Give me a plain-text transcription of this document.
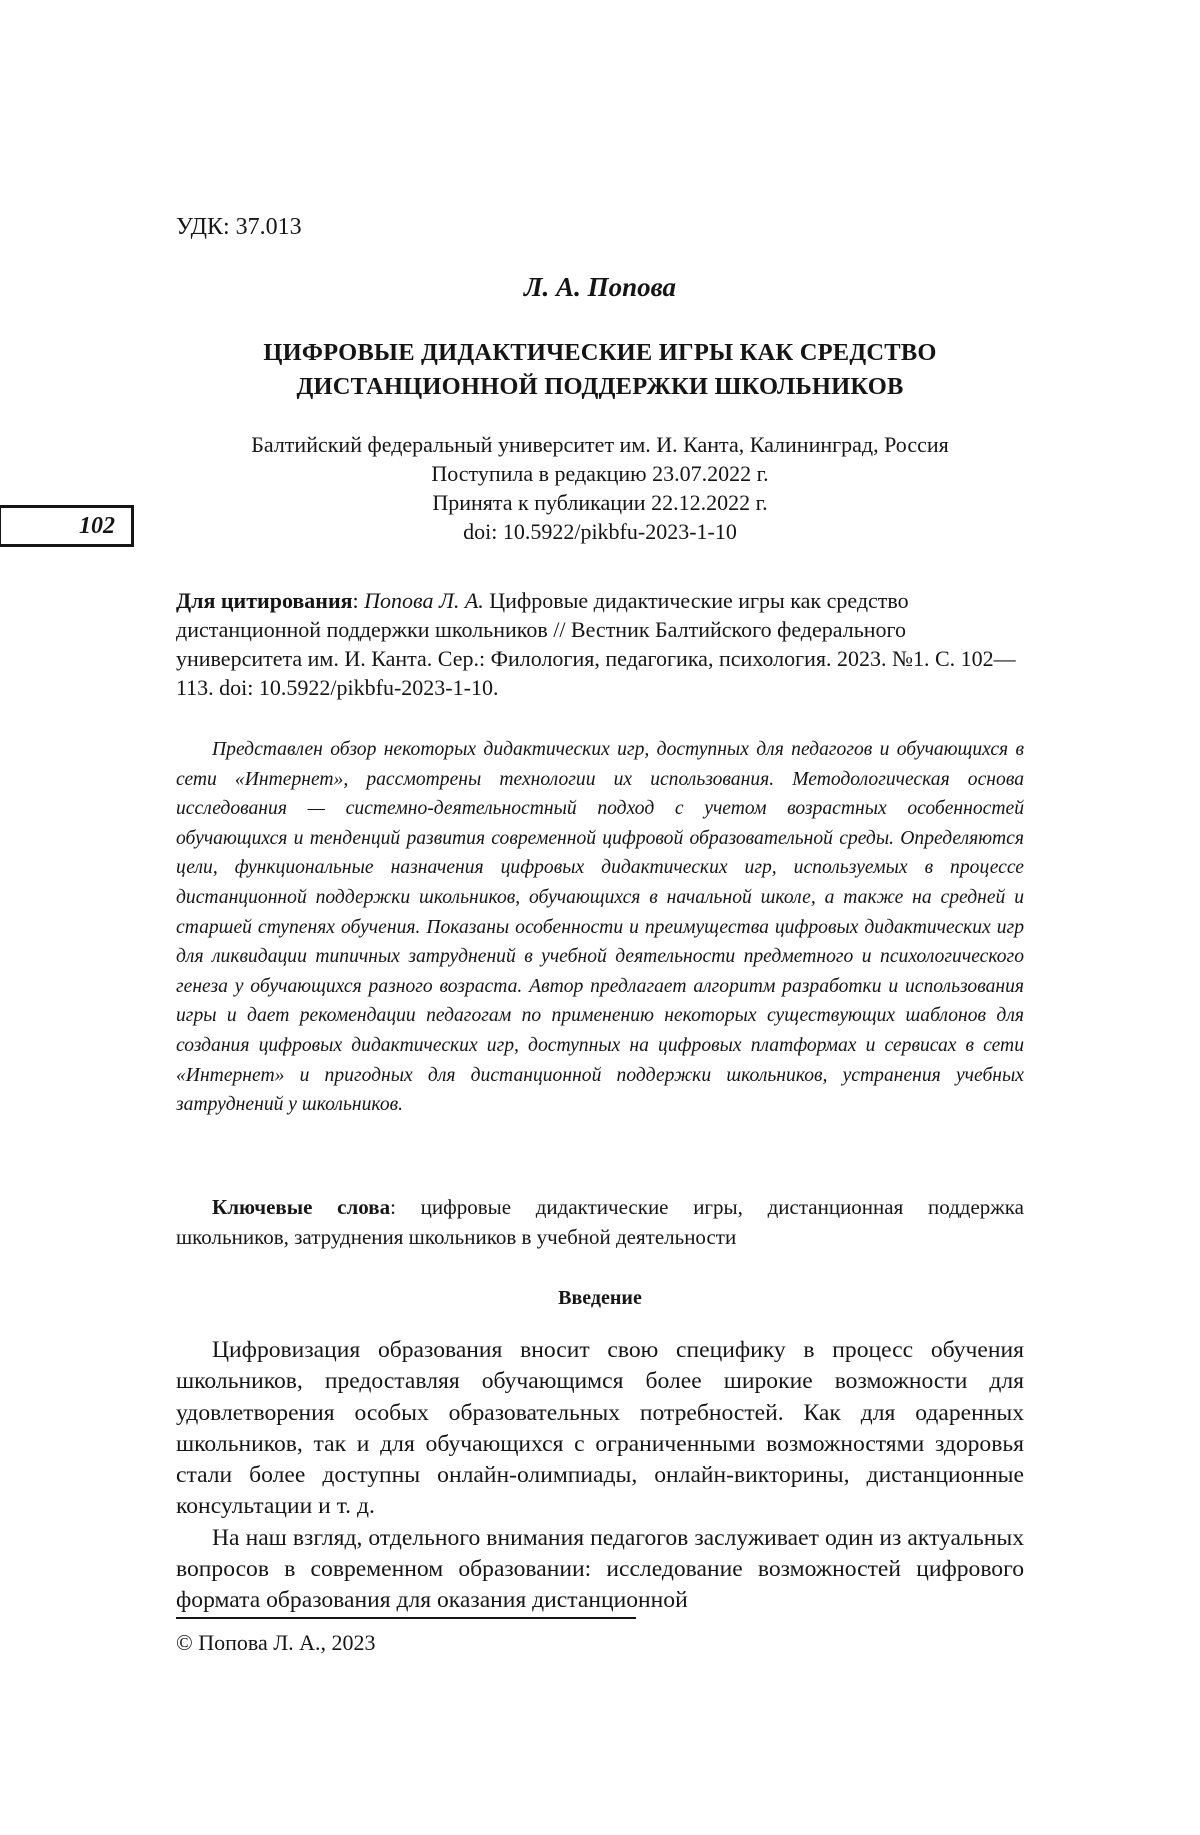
УДК: 37.013
Л. А. Попова
ЦИФРОВЫЕ ДИДАКТИЧЕСКИЕ ИГРЫ КАК СРЕДСТВО
ДИСТАНЦИОННОЙ ПОДДЕРЖКИ ШКОЛЬНИКОВ
Балтийский федеральный университет им. И. Канта, Калининград, Россия
Поступила в редакцию 23.07.2022 г.
Принята к публикации 22.12.2022 г.
doi: 10.5922/pikbfu-2023-1-10
102
Для цитирования: Попова Л. А. Цифровые дидактические игры как средство дистанционной поддержки школьников // Вестник Балтийского федерального университета им. И. Канта. Сер.: Филология, педагогика, психология. 2023. №1. С. 102—113. doi: 10.5922/pikbfu-2023-1-10.
Представлен обзор некоторых дидактических игр, доступных для педагогов и обучающихся в сети «Интернет», рассмотрены технологии их использования. Методологическая основа исследования — системно-деятельностный подход с учетом возрастных особенностей обучающихся и тенденций развития современной цифровой образовательной среды. Определяются цели, функциональные назначения цифровых дидактических игр, используемых в процессе дистанционной поддержки школьников, обучающихся в начальной школе, а также на средней и старшей ступенях обучения. Показаны особенности и преимущества цифровых дидактических игр для ликвидации типичных затруднений в учебной деятельности предметного и психологического генеза у обучающихся разного возраста. Автор предлагает алгоритм разработки и использования игры и дает рекомендации педагогам по применению некоторых существующих шаблонов для создания цифровых дидактических игр, доступных на цифровых платформах и сервисах в сети «Интернет» и пригодных для дистанционной поддержки школьников, устранения учебных затруднений у школьников.
Ключевые слова: цифровые дидактические игры, дистанционная поддержка школьников, затруднения школьников в учебной деятельности
Введение

Цифровизация образования вносит свою специфику в процесс обучения школьников, предоставляя обучающимся более широкие возможности для удовлетворения особых образовательных потребностей. Как для одаренных школьников, так и для обучающихся с ограниченными возможностями здоровья стали более доступны онлайн-олимпиады, онлайн-викторины, дистанционные консультации и т. д.

На наш взгляд, отдельного внимания педагогов заслуживает один из актуальных вопросов в современном образовании: исследование возможностей цифрового формата образования для оказания дистанционной

© Попова Л. А., 2023
